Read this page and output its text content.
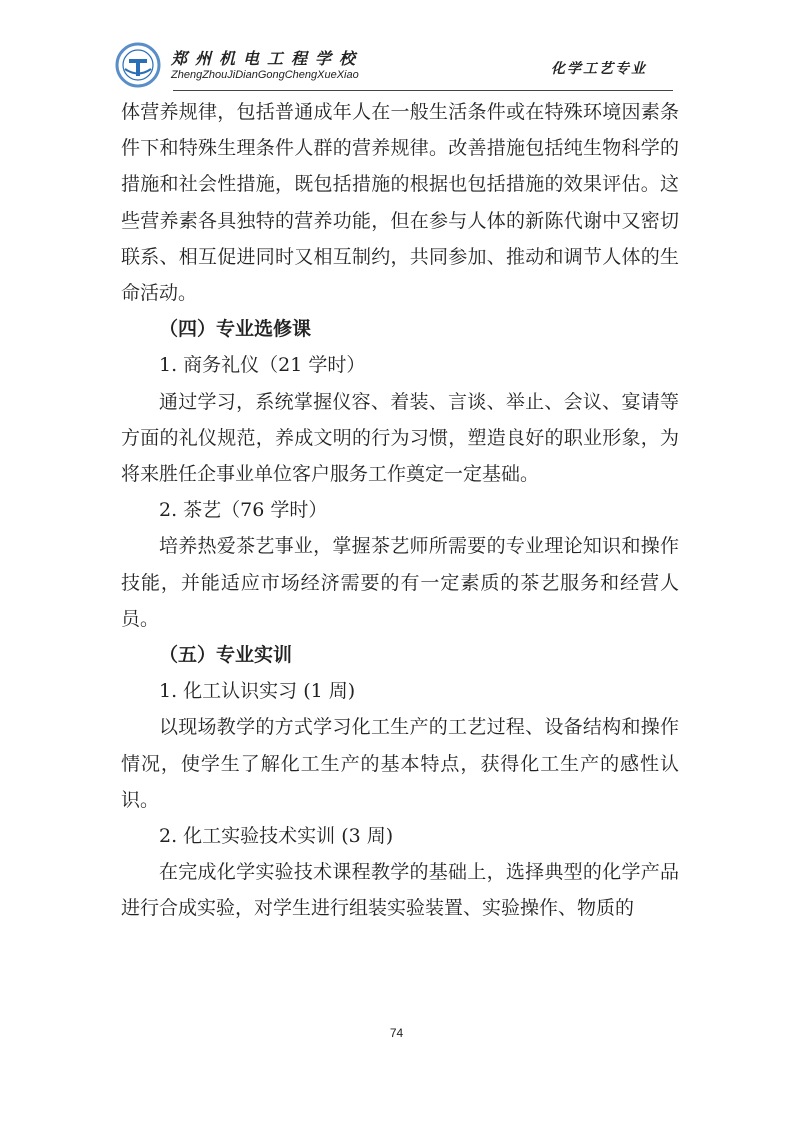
郑州机电工程学校
ZhengZhouJiDianGongChengXueXiao	化学工艺专业

体营养规律，包括普通成年人在一般生活条件或在特殊环境因素条件下和特殊生理条件人群的营养规律。改善措施包括纯生物科学的措施和社会性措施，既包括措施的根据也包括措施的效果评估。这些营养素各具独特的营养功能，但在参与人体的新陈代谢中又密切联系、相互促进同时又相互制约，共同参加、推动和调节人体的生命活动。

（四）专业选修课

1. 商务礼仪（21 学时）

通过学习，系统掌握仪容、着装、言谈、举止、会议、宴请等方面的礼仪规范，养成文明的行为习惯，塑造良好的职业形象，为将来胜任企事业单位客户服务工作奠定一定基础。

2. 茶艺（76 学时）

培养热爱茶艺事业，掌握茶艺师所需要的专业理论知识和操作技能，并能适应市场经济需要的有一定素质的茶艺服务和经营人员。

（五）专业实训

1. 化工认识实习 (1 周)

以现场教学的方式学习化工生产的工艺过程、设备结构和操作情况，使学生了解化工生产的基本特点，获得化工生产的感性认识。

2. 化工实验技术实训 (3 周)

在完成化学实验技术课程教学的基础上，选择典型的化学产品进行合成实验，对学生进行组装实验装置、实验操作、物质的

74
